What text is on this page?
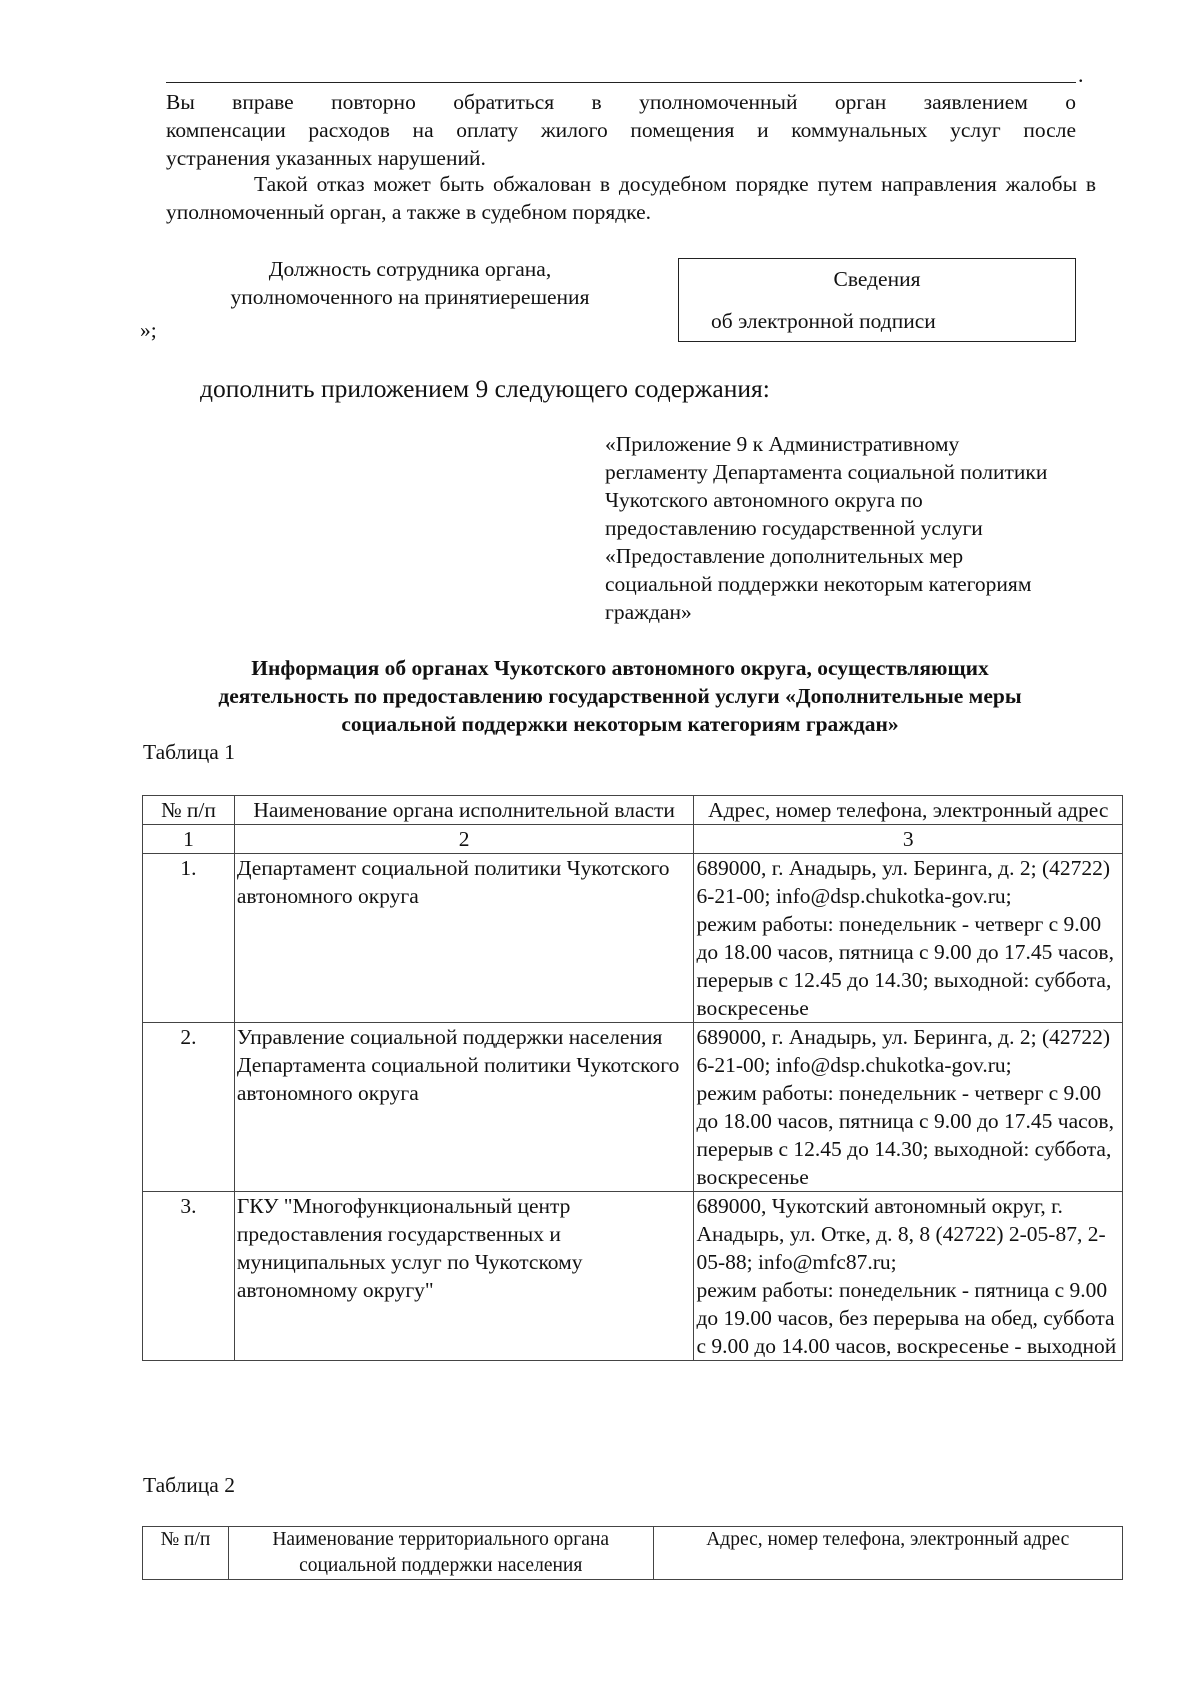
.
Вы вправе повторно обратиться в уполномоченный орган заявлением о
компенсации расходов на оплату жилого помещения и коммунальных услуг после
устранения указанных нарушений.
Такой отказ может быть обжалован в досудебном порядке путем направления жалобы в уполномоченный орган, а также в судебном порядке.
Должность сотрудника органа,
уполномоченного на принятиерешения
»;
Сведения
об электронной подписи
дополнить приложением 9 следующего содержания:
«Приложение 9 к Административному
регламенту Департамента социальной политики
Чукотского автономного округа по
предоставлению государственной услуги
«Предоставление дополнительных мер
социальной поддержки некоторым категориям
граждан»
Информация об органах Чукотского автономного округа, осуществляющих
деятельность по предоставлению государственной услуги «Дополнительные меры
социальной поддержки некоторым категориям граждан»
Таблица 1
№ п/п	Наименование органа исполнительной власти	Адрес, номер телефона, электронный адрес
1	2	3
1.	Департамент социальной политики Чукотского автономного округа	689000, г. Анадырь, ул. Беринга, д. 2; (42722) 6-21-00; info@dsp.chukotka-gov.ru;
режим работы: понедельник - четверг с 9.00 до 18.00 часов, пятница с 9.00 до 17.45 часов, перерыв с 12.45 до 14.30; выходной: суббота, воскресенье

2.	Управление социальной поддержки населения Департамента социальной политики Чукотского автономного округа	689000, г. Анадырь, ул. Беринга, д. 2; (42722) 6-21-00; info@dsp.chukotka-gov.ru;
режим работы: понедельник - четверг с 9.00 до 18.00 часов, пятница с 9.00 до 17.45 часов, перерыв с 12.45 до 14.30; выходной: суббота, воскресенье

3.	ГКУ "Многофункциональный центр предоставления государственных и муниципальных услуг по Чукотскому автономному округу"	689000, Чукотский автономный округ, г. Анадырь, ул. Отке, д. 8, 8 (42722) 2-05-87, 2-05-88; info@mfc87.ru;
режим работы: понедельник - пятница с 9.00 до 19.00 часов, без перерыва на обед, суббота с 9.00 до 14.00 часов, воскресенье - выходной
Таблица 2
№ п/п	Наименование территориального органа социальной поддержки населения	Адрес, номер телефона, электронный адрес
